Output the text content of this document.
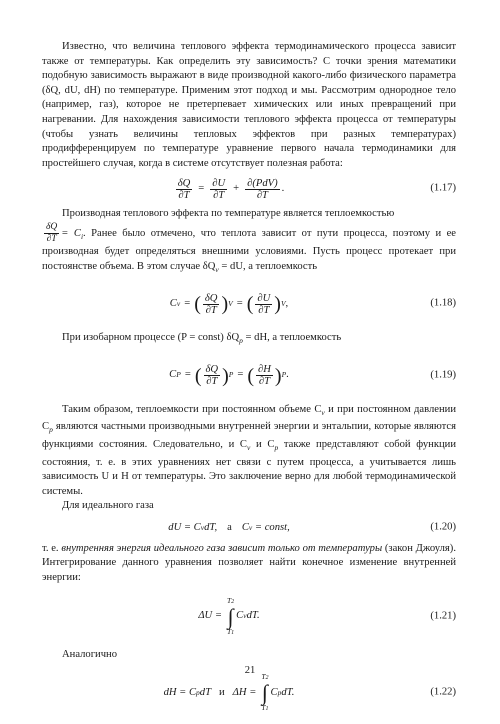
Известно, что величина теплового эффекта термодинамического процесса зависит также от температуры. Как определить эту зависимость? С точки зрения математики подобную зависимость выражают в виде производной какого-либо физического параметра (δQ, dU, dH) по температуре. Применим этот подход и мы. Рассмотрим однородное тело (например, газ), которое не претерпевает химических или иных превращений при нагревании. Для нахождения зависимости теплового эффекта процесса от температуры (чтобы узнать величины тепловых эффектов при разных температурах) продифференцируем по температуре уравнение первого начала термодинамики для простейшего случая, когда в системе отсутствует полезная работа:

$\frac{\delta Q}{\partial T} = \frac{\partial U}{\partial T} + \frac{\text{∂(PdV)}}{\partial T}$ .	(1.17)

Производная теплового эффекта по температуре является теплоемкостью

$\frac{\delta Q}{\partial T} = C_i$. Ранее было отмечено, что теплота зависит от пути процесса, поэтому и ее производная будет определяться внешними условиями. Пусть процесс протекает при постоянстве объема. В этом случае $\delta Q_v$ = dU, а теплоемкость

C v = ( $\frac{\delta Q}{\partial T}$ ) V = ( $\frac{\partial U}{\partial T}$ ) V ,	(1.18)

При изобарном процессе (P = const) $\delta Q_p$ = dH, а теплоемкость

C P = ( $\frac{\delta Q}{\partial T}$ ) P = ( $\frac{\partial H}{\partial T}$ ) P .	(1.19)

Таким образом, теплоемкости при постоянном объеме $C_v$ и при постоянном давлении $C_p$ являются частными производными внутренней энергии и энтальпии, которые являются функциями состояния. Следовательно, и $C_v$ и $C_p$ также представляют собой функции состояния, т. е. в этих уравнениях нет связи с путем процесса, а учитывается лишь зависимость U и H от температуры. Это заключение верно для любой термодинамической системы.

Для идеального газа

dU = C v dT, а C v
= const,	(1.20)

т. е. внутренняя энергия идеального газа зависит только от температуры (закон Джоуля). Интегрирование данного уравнения позволяет найти конечное изменение внутренней энергии:

ΔU =
T2
∫
T1
C v dT.	(1.21)

Аналогично

dH = C p dT и ΔH =
T2
∫
T1
C p dT.	(1.22)
21
